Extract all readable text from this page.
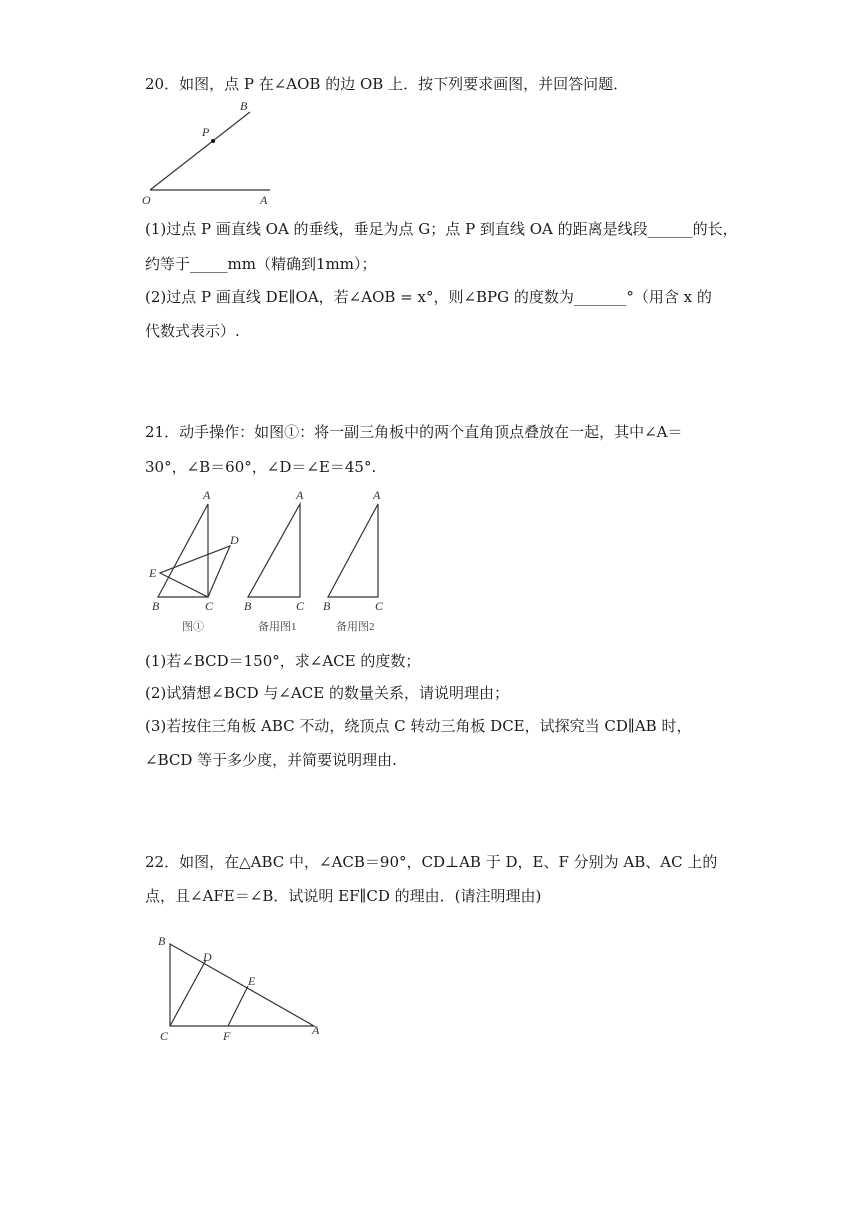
20．如图，点 P 在∠AOB 的边 OB 上．按下列要求画图，并回答问题．
O	A
B
P
(1)过点 P 画直线 OA 的垂线，垂足为点 G；点 P 到直线 OA 的距离是线段______的长，
约等于_____mm（精确到1mm）；
(2)过点 P 画直线 DE∥OA，若∠AOB = x°，则∠BPG 的度数为_______°（用含 x 的
代数式表示）.
21．动手操作：如图①：将一副三角板中的两个直角顶点叠放在一起，其中∠A＝
30°，∠B＝60°，∠D＝∠E＝45°.
A
D
E
B	C
图①
A
B	C
备用图1
A
B	C
备用图2
(1)若∠BCD＝150°，求∠ACE 的度数；
(2)试猜想∠BCD 与∠ACE 的数量关系，请说明理由；
(3)若按住三角板 ABC 不动，绕顶点 C 转动三角板 DCE，试探究当 CD∥AB 时，
∠BCD 等于多少度，并简要说明理由.
22．如图，在△ABC 中，∠ACB＝90°，CD⊥AB 于 D，E、F 分别为 AB、AC 上的
点，且∠AFE＝∠B．试说明 EF∥CD 的理由．(请注明理由)
B
D
E
C	F	A
